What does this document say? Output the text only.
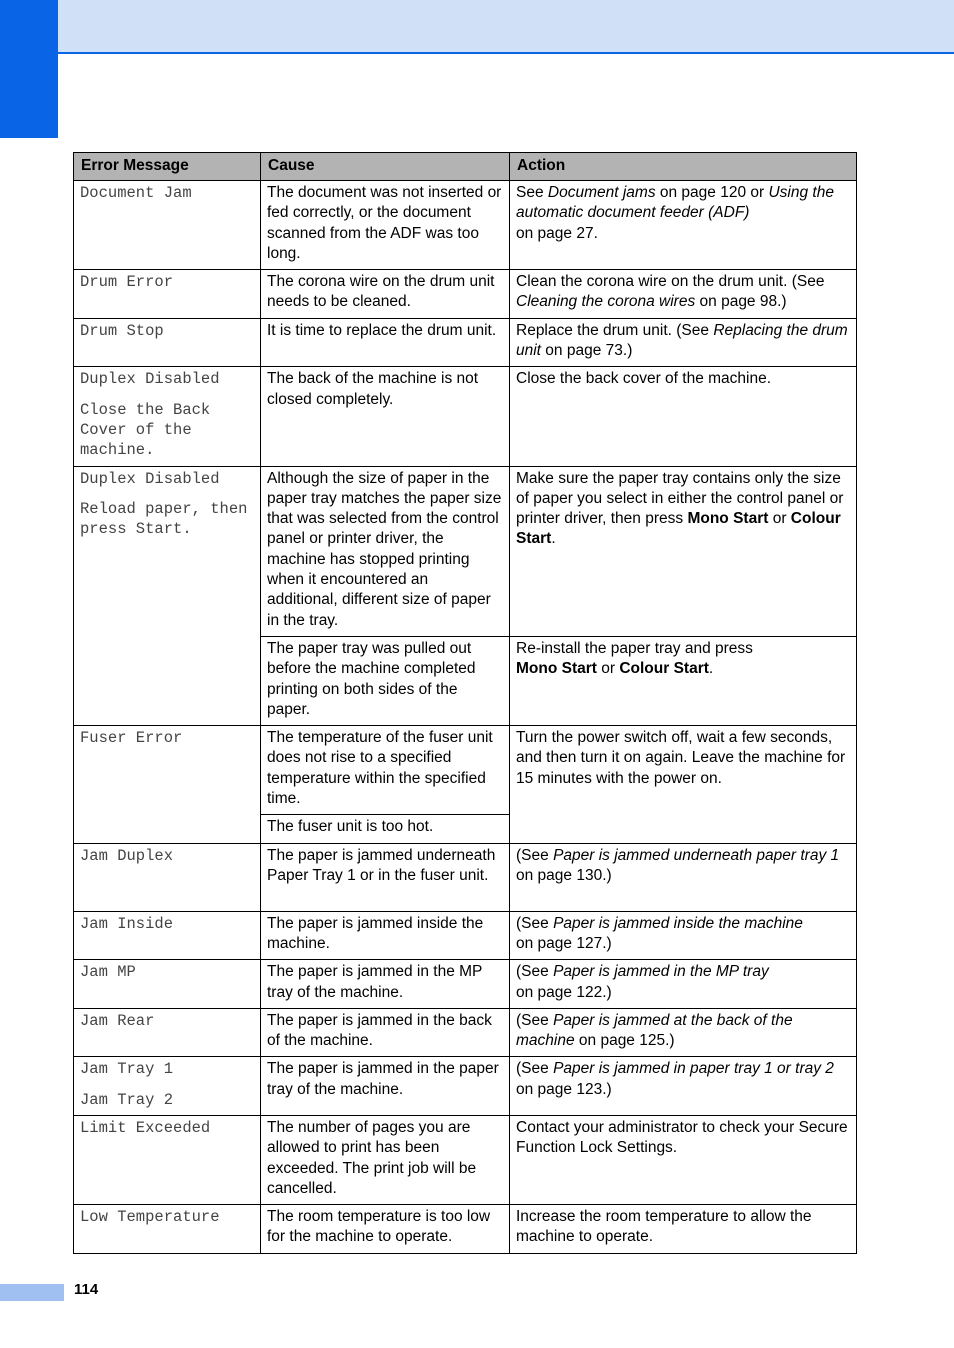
Error Message	Cause	Action

Document Jam	The document was not inserted or fed correctly, or the document scanned from the ADF was too long.	See Document jams on page 120 or Using the automatic document feeder (ADF)
on page 27.

Drum Error	The corona wire on the drum unit needs to be cleaned.	Clean the corona wire on the drum unit. (See Cleaning the corona wires on page 98.)

Drum Stop	It is time to replace the drum unit.	Replace the drum unit. (See Replacing the drum unit on page 73.)

Duplex Disabled
Close the Back Cover of the machine.	The back of the machine is not closed completely.	Close the back cover of the machine.

Duplex Disabled
Reload paper, then press Start.	Although the size of paper in the paper tray matches the paper size that was selected from the control panel or printer driver, the machine has stopped printing when it encountered an additional, different size of paper in the tray.	Make sure the paper tray contains only the size of paper you select in either the control panel or printer driver, then press Mono Start or Colour Start.
	The paper tray was pulled out before the machine completed printing on both sides of the paper.	Re-install the paper tray and press
Mono Start or Colour Start.

Fuser Error	The temperature of the fuser unit does not rise to a specified temperature within the specified time.	Turn the power switch off, wait a few seconds, and then turn it on again. Leave the machine for 15 minutes with the power on.
	The fuser unit is too hot.	

Jam Duplex	The paper is jammed underneath Paper Tray 1 or in the fuser unit.	(See Paper is jammed underneath paper tray 1 on page 130.)

Jam Inside	The paper is jammed inside the machine.	(See Paper is jammed inside the machine
on page 127.)

Jam MP	The paper is jammed in the MP tray of the machine.	(See Paper is jammed in the MP tray
on page 122.)

Jam Rear	The paper is jammed in the back of the machine.	(See Paper is jammed at the back of the machine on page 125.)

Jam Tray 1
Jam Tray 2	The paper is jammed in the paper tray of the machine.	(See Paper is jammed in paper tray 1 or tray 2 on page 123.)

Limit Exceeded	The number of pages you are allowed to print has been exceeded. The print job will be cancelled.	Contact your administrator to check your Secure Function Lock Settings.

Low Temperature	The room temperature is too low for the machine to operate.	Increase the room temperature to allow the machine to operate.
114
